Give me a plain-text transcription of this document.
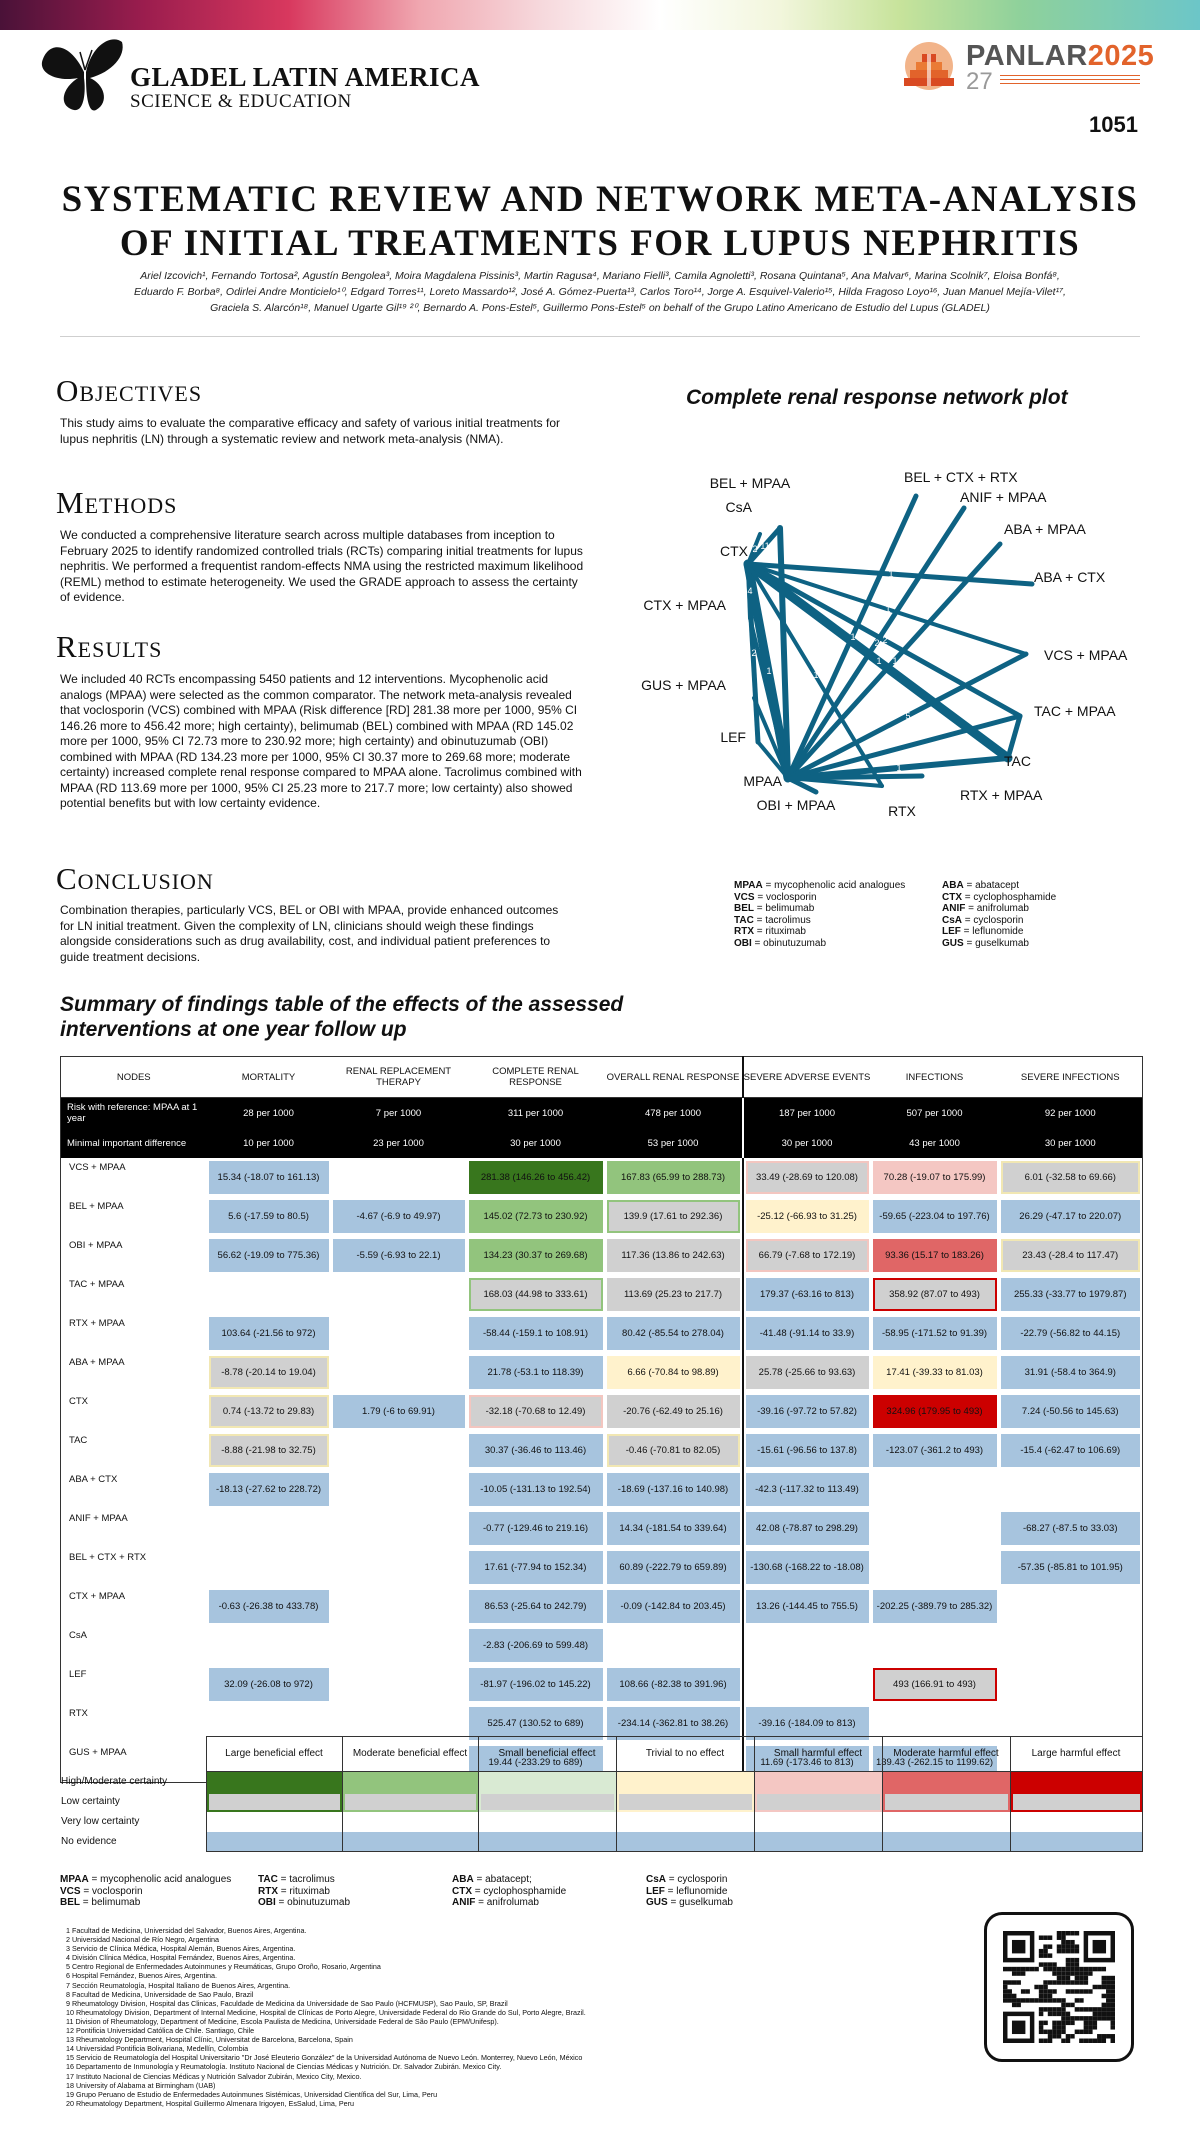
GLADEL LATIN AMERICA
SCIENCE & EDUCATION
PANLAR2025
27
1051
SYSTEMATIC REVIEW AND NETWORK META-ANALYSIS OF INITIAL TREATMENTS FOR LUPUS NEPHRITIS
Ariel Izcovich¹, Fernando Tortosa², Agustín Bengolea³, Moira Magdalena Pissinis³, Martin Ragusa⁴, Mariano Fielli³, Camila Agnoletti³, Rosana Quintana⁵, Ana Malvar⁶, Marina Scolnik⁷, Eloisa Bonfá⁸, Eduardo F. Borba⁸, Odirlei Andre Monticielo¹⁰, Edgard Torres¹¹, Loreto Massardo¹², José A. Gómez-Puerta¹³, Carlos Toro¹⁴, Jorge A. Esquivel-Valerio¹⁵, Hilda Fragoso Loyo¹⁶, Juan Manuel Mejía-Vilet¹⁷, Graciela S. Alarcón¹⁸, Manuel Ugarte Gil¹⁹ ²⁰, Bernardo A. Pons-Estel⁵, Guillermo Pons-Estel⁵ on behalf of the Grupo Latino Americano de Estudio del Lupus (GLADEL)
Objectives
This study aims to evaluate the comparative efficacy and safety of various initial treatments for lupus nephritis (LN) through a systematic review and network meta-analysis (NMA).
Methods
We conducted a comprehensive literature search across multiple databases from inception to February 2025 to identify randomized controlled trials (RCTs) comparing initial treatments for lupus nephritis. We performed a frequentist random-effects NMA using the restricted maximum likelihood (REML) method to estimate heterogeneity. We used the GRADE approach to assess the certainty of evidence.
Results
We included 40 RCTs encompassing 5450 patients and 12 interventions. Mycophenolic acid analogs (MPAA) were selected as the common comparator. The network meta-analysis revealed that voclosporin (VCS) combined with MPAA (Risk difference [RD] 281.38 more per 1000, 95% CI 146.26 more to 456.42 more; high certainty), belimumab (BEL) combined with MPAA (RD 145.02 more per 1000, 95% CI 72.73 more to 230.92 more; high certainty) and obinutuzumab (OBI) combined with MPAA (RD 134.23 more per 1000, 95% CI 30.37 more to 269.68 more; moderate certainty) increased complete renal response compared to MPAA alone. Tacrolimus combined with MPAA (RD 113.69 more per 1000, 95% CI 25.23 more to 217.7 more; low certainty) also showed potential benefits but with low certainty evidence.
Conclusion
Combination therapies, particularly VCS, BEL or OBI with MPAA, provide enhanced outcomes for LN initial treatment. Given the complexity of LN, clinicians should weigh these findings alongside considerations such as drug availability, cost, and individual patient preferences to guide treatment decisions.
Complete renal response network plot
1
1
1
11
2
4
1
2
1
2
1
1
2
1
5
BEL + MPAA
CsA
CTX
CTX + MPAA
GUS + MPAA
LEF
MPAA
OBI + MPAA	RTX
RTX + MPAA
TAC
TAC + MPAA
VCS + MPAA
ABA + CTX
ABA + MPAA
ANIF + MPAA
BEL + CTX + RTX
MPAA = mycophenolic acid analogues
VCS = voclosporin
BEL = belimumab
TAC = tacrolimus
RTX = rituximab
OBI = obinutuzumab
ABA = abatacept
CTX = cyclophosphamide
ANIF = anifrolumab
CsA = cyclosporin
LEF = leflunomide
GUS = guselkumab
Summary of findings table of the effects of the assessed interventions at one year follow up
NODES	MORTALITY	RENAL REPLACEMENT THERAPY	COMPLETE RENAL RESPONSE	OVERALL RENAL RESPONSE	SEVERE ADVERSE EVENTS	INFECTIONS	SEVERE INFECTIONS
Risk with reference: MPAA at 1 year	28 per 1000	7 per 1000	311 per 1000	478 per 1000	187 per 1000	507 per 1000	92 per 1000
Minimal important difference	10 per 1000	23 per 1000	30 per 1000	53 per 1000	30 per 1000	43 per 1000	30 per 1000
VCS + MPAA	15.34 (-18.07 to 161.13)		281.38 (146.26 to 456.42)	167.83 (65.99 to 288.73)	33.49 (-28.69 to 120.08)	70.28 (-19.07 to 175.99)	6.01 (-32.58 to 69.66)

BEL + MPAA	5.6 (-17.59 to 80.5)	-4.67 (-6.9 to 49.97)	145.02 (72.73 to 230.92)	139.9 (17.61 to 292.36)	-25.12 (-66.93 to 31.25)	-59.65 (-223.04 to 197.76)	26.29 (-47.17 to 220.07)

OBI + MPAA	56.62 (-19.09 to 775.36)	-5.59 (-6.93 to 22.1)	134.23 (30.37 to 269.68)	117.36 (13.86 to 242.63)	66.79 (-7.68 to 172.19)	93.36 (15.17 to 183.26)	23.43 (-28.4 to 117.47)

TAC + MPAA			168.03 (44.98 to 333.61)	113.69 (25.23 to 217.7)	179.37 (-63.16 to 813)	358.92 (87.07 to 493)	255.33 (-33.77 to 1979.87)

RTX + MPAA	103.64 (-21.56 to 972)		-58.44 (-159.1 to 108.91)	80.42 (-85.54 to 278.04)	-41.48 (-91.14 to 33.9)	-58.95 (-171.52 to 91.39)	-22.79 (-56.82 to 44.15)

ABA + MPAA	-8.78 (-20.14 to 19.04)		21.78 (-53.1 to 118.39)	6.66 (-70.84 to 98.89)	25.78 (-25.66 to 93.63)	17.41 (-39.33 to 81.03)	31.91 (-58.4 to 364.9)

CTX	0.74 (-13.72 to 29.83)	1.79 (-6 to 69.91)	-32.18 (-70.68 to 12.49)	-20.76 (-62.49 to 25.16)	-39.16 (-97.72 to 57.82)	324.96 (179.95 to 493)	7.24 (-50.56 to 145.63)

TAC	-8.88 (-21.98 to 32.75)		30.37 (-36.46 to 113.46)	-0.46 (-70.81 to 82.05)	-15.61 (-96.56 to 137.8)	-123.07 (-361.2 to 493)	-15.4 (-62.47 to 106.69)

ABA + CTX	-18.13 (-27.62 to 228.72)		-10.05 (-131.13 to 192.54)	-18.69 (-137.16 to 140.98)	-42.3 (-117.32 to 113.49)		

ANIF + MPAA			-0.77 (-129.46 to 219.16)	14.34 (-181.54 to 339.64)	42.08 (-78.87 to 298.29)		-68.27 (-87.5 to 33.03)

BEL + CTX + RTX			17.61 (-77.94 to 152.34)	60.89 (-222.79 to 659.89)	-130.68 (-168.22 to -18.08)		-57.35 (-85.81 to 101.95)

CTX + MPAA	-0.63 (-26.38 to 433.78)		86.53 (-25.64 to 242.79)	-0.09 (-142.84 to 203.45)	13.26 (-144.45 to 755.5)	-202.25 (-389.79 to 285.32)	

CsA			-2.83 (-206.69 to 599.48)				

LEF	32.09 (-26.08 to 972)		-81.97 (-196.02 to 145.22)	108.66 (-82.38 to 391.96)		493 (166.91 to 493)	

RTX			525.47 (130.52 to 689)	-234.14 (-362.81 to 38.26)	-39.16 (-184.09 to 813)		

GUS + MPAA			19.44 (-233.29 to 689)		11.69 (-173.46 to 813)	139.43 (-262.15 to 1199.62)	

	Large beneficial effect	Moderate beneficial effect	Small beneficial effect	Trivial to no effect	Small harmful effect	Moderate harmful effect	Large harmful effect
High/Moderate certainty							
Low certainty							
Very low certainty							
No evidence							
MPAA = mycophenolic acid analogues
VCS = voclosporin
BEL = belimumab
TAC = tacrolimus
RTX = rituximab
OBI = obinutuzumab
ABA = abatacept;
CTX = cyclophosphamide
ANIF = anifrolumab
CsA = cyclosporin
LEF = leflunomide
GUS = guselkumab
1 Facultad de Medicina, Universidad del Salvador, Buenos Aires, Argentina.
2 Universidad Nacional de Río Negro, Argentina
3 Servicio de Clínica Médica, Hospital Alemán, Buenos Aires, Argentina.
4 División Clínica Médica, Hospital Fernández, Buenos Aires, Argentina.
5 Centro Regional de Enfermedades Autoinmunes y Reumáticas, Grupo Oroño, Rosario, Argentina
6 Hospital Fernández, Buenos Aires, Argentina.
7 Sección Reumatología, Hospital Italiano de Buenos Aires, Argentina.
8 Facultad de Medicina, Universidade de Sao Paulo, Brazil
9 Rheumatology Division, Hospital das Clinicas, Faculdade de Medicina da Universidade de Sao Paulo (HCFMUSP), Sao Paulo, SP, Brazil
10 Rheumatology Division, Department of Internal Medicine, Hospital de Clínicas de Porto Alegre, Universidade Federal do Rio Grande do Sul, Porto Alegre, Brazil.
11 Division of Rheumatology, Department of Medicine, Escola Paulista de Medicina, Universidade Federal de São Paulo (EPM/Unifesp).
12 Pontificia Universidad Católica de Chile. Santiago, Chile
13 Rheumatology Department, Hospital Clínic, Universitat de Barcelona, Barcelona, Spain
14 Universidad Pontificia Bolivariana, Medellín, Colombia
15 Servicio de Reumatología del Hospital Universitario "Dr José Eleuterio González" de la Universidad Autónoma de Nuevo León. Monterrey, Nuevo León, México
16 Departamento de Inmunología y Reumatología. Instituto Nacional de Ciencias Médicas y Nutrición. Dr. Salvador Zubirán. Mexico City.
17 Instituto Nacional de Ciencias Médicas y Nutrición Salvador Zubirán, Mexico City, Mexico.
18 University of Alabama at Birmingham (UAB)
19 Grupo Peruano de Estudio de Enfermedades Autoinmunes Sistémicas, Universidad Científica del Sur, Lima, Peru
20 Rheumatology Department, Hospital Guillermo Almenara Irigoyen, EsSalud, Lima, Peru
